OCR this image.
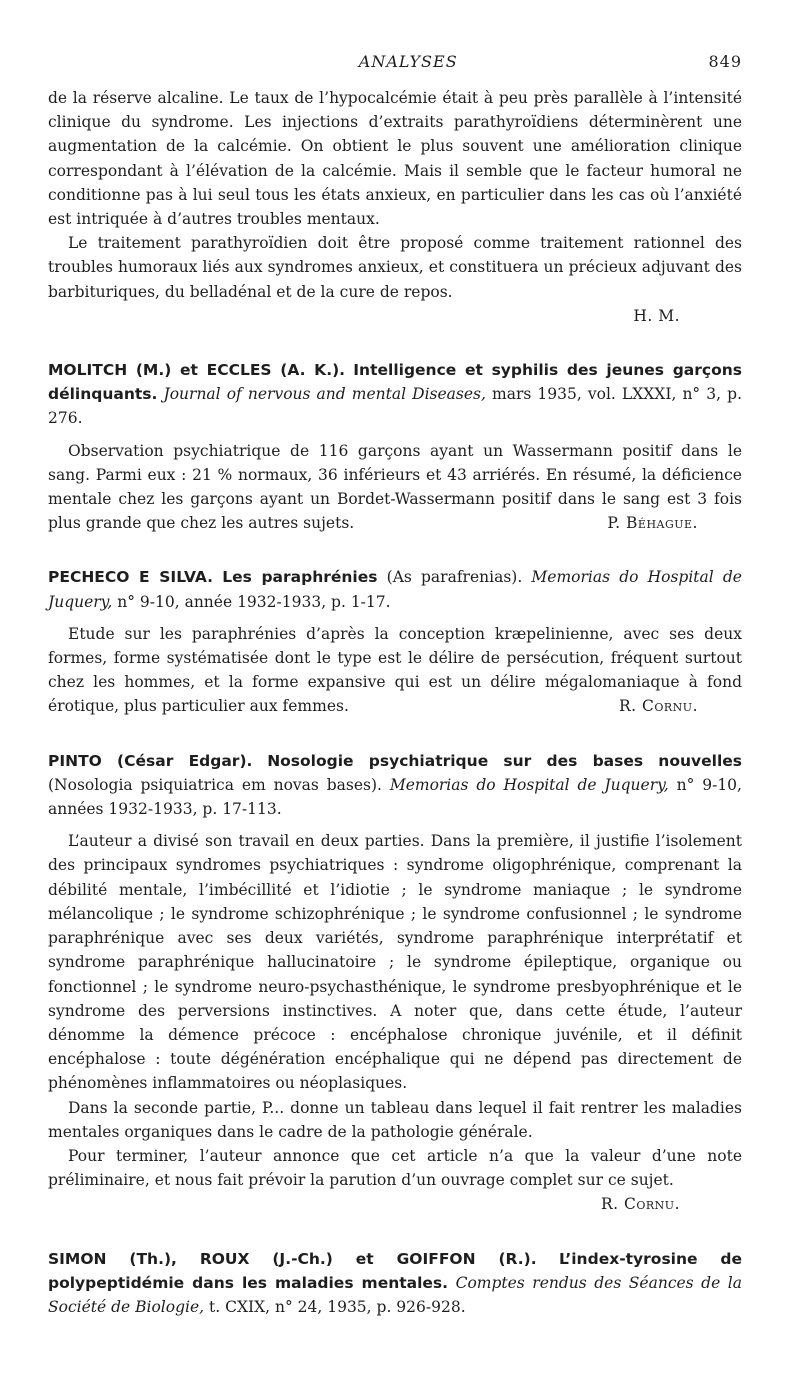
ANALYSES	849

de la réserve alcaline. Le taux de l’hypocalcémie était à peu près parallèle à l’intensité clinique du syndrome. Les injections d’extraits parathyroïdiens déterminèrent une augmentation de la calcémie. On obtient le plus souvent une amélioration clinique correspondant à l’élévation de la calcémie. Mais il semble que le facteur humoral ne conditionne pas à lui seul tous les états anxieux, en particulier dans les cas où l’anxiété est intriquée à d’autres troubles mentaux.

Le traitement parathyroïdien doit être proposé comme traitement rationnel des troubles humoraux liés aux syndromes anxieux, et constituera un précieux adjuvant des barbituriques, du belladénal et de la cure de repos.

H. M.

MOLITCH (M.) et ECCLES (A. K.). Intelligence et syphilis des jeunes garçons délinquants. Journal of nervous and mental Diseases, mars 1935, vol. LXXXI, n° 3, p. 276.

Observation psychiatrique de 116 garçons ayant un Wassermann positif dans le sang. Parmi eux : 21 % normaux, 36 inférieurs et 43 arriérés. En résumé, la déficience mentale chez les garçons ayant un Bordet-Wassermann positif dans le sang est 3 fois plus grande que chez les autres sujets.	P. Béhague.

PECHECO E SILVA. Les paraphrénies (As parafrenias). Memorias do Hospital de Juquery, n° 9-10, année 1932-1933, p. 1-17.

Etude sur les paraphrénies d’après la conception kræpelinienne, avec ses deux formes, forme systématisée dont le type est le délire de persécution, fréquent surtout chez les hommes, et la forme expansive qui est un délire mégalomaniaque à fond érotique, plus particulier aux femmes.	R. Cornu.

PINTO (César Edgar). Nosologie psychiatrique sur des bases nouvelles (Nosologia psiquiatrica em novas bases). Memorias do Hospital de Juquery, n° 9-10, années 1932-1933, p. 17-113.

L’auteur a divisé son travail en deux parties. Dans la première, il justifie l’isolement des principaux syndromes psychiatriques : syndrome oligophrénique, comprenant la débilité mentale, l’imbécillité et l’idiotie ; le syndrome maniaque ; le syndrome mélancolique ; le syndrome schizophrénique ; le syndrome confusionnel ; le syndrome paraphrénique avec ses deux variétés, syndrome paraphrénique interprétatif et syndrome paraphrénique hallucinatoire ; le syndrome épileptique, organique ou fonctionnel ; le syndrome neuro-psychasthénique, le syndrome presbyophrénique et le syndrome des perversions instinctives. A noter que, dans cette étude, l’auteur dénomme la démence précoce : encéphalose chronique juvénile, et il définit encéphalose : toute dégénération encéphalique qui ne dépend pas directement de phénomènes inflammatoires ou néoplasiques.

Dans la seconde partie, P... donne un tableau dans lequel il fait rentrer les maladies mentales organiques dans le cadre de la pathologie générale.

Pour terminer, l’auteur annonce que cet article n’a que la valeur d’une note préliminaire, et nous fait prévoir la parution d’un ouvrage complet sur ce sujet.

R. Cornu.

SIMON (Th.), ROUX (J.-Ch.) et GOIFFON (R.). L’index-tyrosine de polypeptidémie dans les maladies mentales. Comptes rendus des Séances de la Société de Biologie, t. CXIX, n° 24, 1935, p. 926-928.
